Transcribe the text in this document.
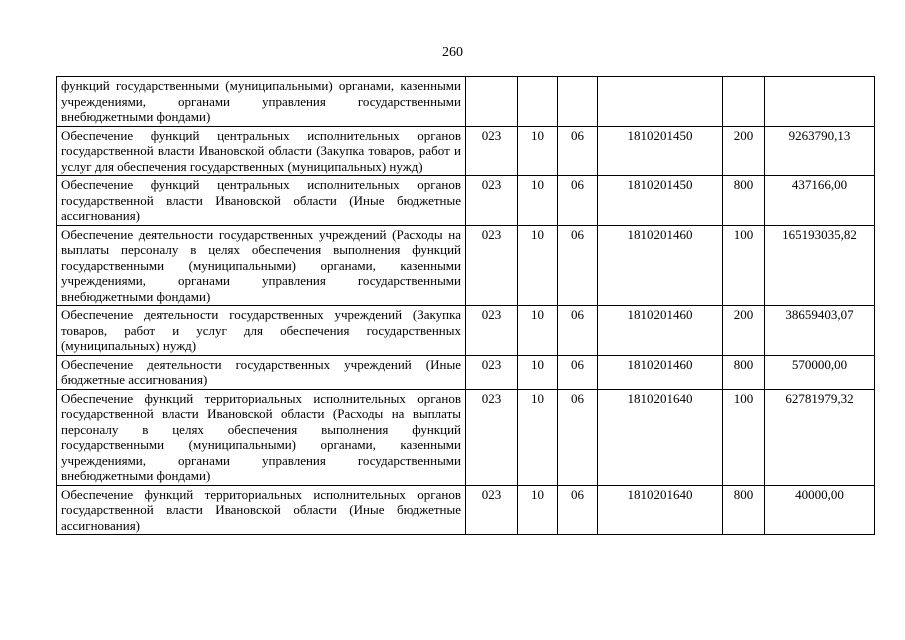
260
функций государственными (муниципальными) органами, казенными учреждениями, органами управления государственными внебюджетными фондами)						
Обеспечение функций центральных исполнительных органов государственной власти Ивановской области (Закупка товаров, работ и услуг для обеспечения государственных (муниципальных) нужд)	023	10	06	1810201450	200	9263790,13
Обеспечение функций центральных исполнительных органов государственной власти Ивановской области (Иные бюджетные ассигнования)	023	10	06	1810201450	800	437166,00
Обеспечение деятельности государственных учреждений (Расходы на выплаты персоналу в целях обеспечения выполнения функций государственными (муниципальными) органами, казенными учреждениями, органами управления государственными внебюджетными фондами)	023	10	06	1810201460	100	165193035,82
Обеспечение деятельности государственных учреждений (Закупка товаров, работ и услуг для обеспечения государственных (муниципальных) нужд)	023	10	06	1810201460	200	38659403,07
Обеспечение деятельности государственных учреждений (Иные бюджетные ассигнования)	023	10	06	1810201460	800	570000,00
Обеспечение функций территориальных исполнительных органов государственной власти Ивановской области (Расходы на выплаты персоналу в целях обеспечения выполнения функций государственными (муниципальными) органами, казенными учреждениями, органами управления государственными внебюджетными фондами)	023	10	06	1810201640	100	62781979,32
Обеспечение функций территориальных исполнительных органов государственной власти Ивановской области (Иные бюджетные ассигнования)	023	10	06	1810201640	800	40000,00
